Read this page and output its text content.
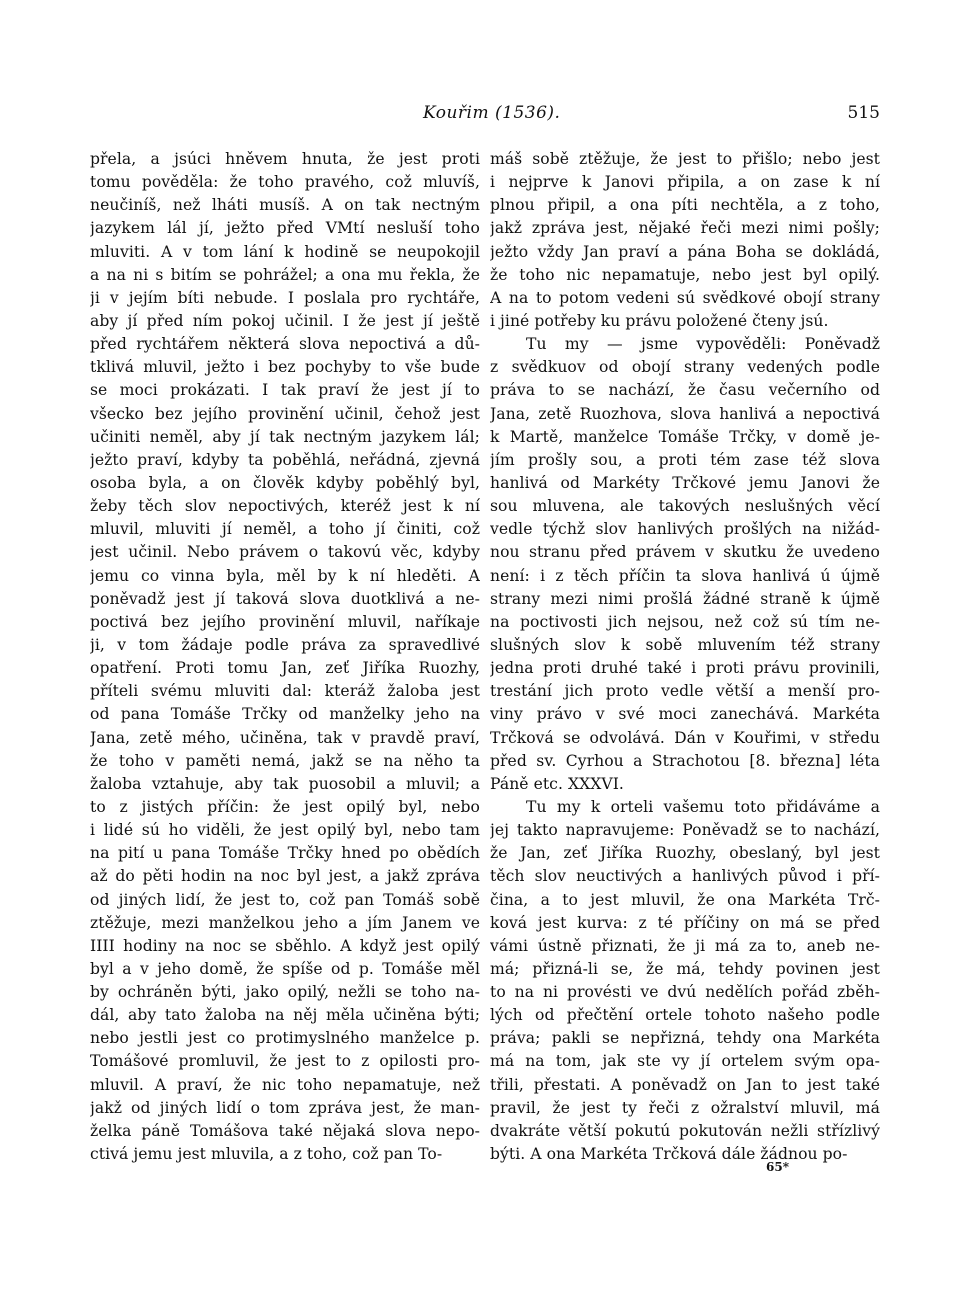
Kouřim (1536).	515
přela, a jsúci hněvem hnuta, že jest proti
tomu pověděla: že toho pravého, což mluvíš,
neučiníš, než lháti musíš. A on tak nectným
jazykem lál jí, ježto před VMtí nesluší toho
mluviti. A v tom lání k hodině se neupokojil
a na ni s bitím se pohrážel; a ona mu řekla, že
ji v jejím bíti nebude. I poslala pro rychtáře,
aby jí před ním pokoj učinil. I že jest jí ještě
před rychtářem některá slova nepoctivá a dů-
tklivá mluvil, ježto i bez pochyby to vše bude
se moci prokázati. I tak praví že jest jí to
všecko bez jejího provinění učinil, čehož jest
učiniti neměl, aby jí tak nectným jazykem lál;
ježto praví, kdyby ta poběhlá, neřádná, zjevná
osoba byla, a on člověk kdyby poběhlý byl,
žeby těch slov nepoctivých, kteréž jest k ní
mluvil, mluviti jí neměl, a toho jí činiti, což
jest učinil. Nebo právem o takovú věc, kdyby
jemu co vinna byla, měl by k ní hleděti. A
poněvadž jest jí taková slova duotklivá a ne-
poctivá bez jejího provinění mluvil, naříkaje
ji, v tom žádaje podle práva za spravedlivé
opatření. Proti tomu Jan, zeť Jiříka Ruozhy,
příteli svému mluviti dal: kteráž žaloba jest
od pana Tomáše Trčky od manželky jeho na
Jana, zetě mého, učiněna, tak v pravdě praví,
že toho v paměti nemá, jakž se na něho ta
žaloba vztahuje, aby tak puosobil a mluvil; a
to z jistých příčin: že jest opilý byl, nebo
i lidé sú ho viděli, že jest opilý byl, nebo tam
na pití u pana Tomáše Trčky hned po obědích
až do pěti hodin na noc byl jest, a jakž zpráva
od jiných lidí, že jest to, což pan Tomáš sobě
ztěžuje, mezi manželkou jeho a jím Janem ve
IIII hodiny na noc se sběhlo. A když jest opilý
byl a v jeho domě, že spíše od p. Tomáše měl
by ochráněn býti, jako opilý, nežli se toho na-
dál, aby tato žaloba na něj měla učiněna býti;
nebo jestli jest co protimyslného manželce p.
Tomášové promluvil, že jest to z opilosti pro-
mluvil. A praví, že nic toho nepamatuje, než
jakž od jiných lidí o tom zpráva jest, že man-
želka páně Tomášova také nějaká slova nepo-
ctivá jemu jest mluvila, a z toho, což pan To-
máš sobě ztěžuje, že jest to přišlo; nebo jest
i nejprve k Janovi připila, a on zase k ní
plnou připil, a ona píti nechtěla, a z toho,
jakž zpráva jest, nějaké řeči mezi nimi pošly;
ježto vždy Jan praví a pána Boha se dokládá,
že toho nic nepamatuje, nebo jest byl opilý.
A na to potom vedeni sú svědkové obojí strany
i jiné potřeby ku právu položené čteny jsú.
Tu my — jsme vypověděli: Poněvadž
z svědkuov od obojí strany vedených podle
práva to se nachází, že času večerního od
Jana, zetě Ruozhova, slova hanlivá a nepoctivá
k Martě, manželce Tomáše Trčky, v domě je-
jím prošly sou, a proti tém zase též slova
hanlivá od Markéty Trčkové jemu Janovi že
sou mluvena, ale takových neslušných věcí
vedle týchž slov hanlivých prošlých na nižád-
nou stranu před právem v skutku že uvedeno
není: i z těch příčin ta slova hanlivá ú újmě
strany mezi nimi prošlá žádné straně k újmě
na poctivosti jich nejsou, než což sú tím ne-
slušných slov k sobě mluvením též strany
jedna proti druhé také i proti právu provinili,
trestání jich proto vedle větší a menší pro-
viny právo v své moci zanechává. Markéta
Trčková se odvolává. Dán v Kouřimi, v středu
před sv. Cyrhou a Strachotou [8. března] léta
Páně etc. XXXVI.
Tu my k orteli vašemu toto přidáváme a
jej takto napravujeme: Poněvadž se to nachází,
že Jan, zeť Jiříka Ruozhy, obeslaný, byl jest
těch slov neuctivých a hanlivých původ i pří-
čina, a to jest mluvil, že ona Markéta Trč-
ková jest kurva: z té příčiny on má se před
vámi ústně přiznati, že ji má za to, aneb ne-
má; přizná-li se, že má, tehdy povinen jest
to na ni provésti ve dvú nedělích pořád zběh-
lých od přečtění ortele tohoto našeho podle
práva; pakli se nepřizná, tehdy ona Markéta
má na tom, jak ste vy jí ortelem svým opa-
třili, přestati. A poněvadž on Jan to jest také
pravil, že jest ty řeči z ožralství mluvil, má
dvakráte větší pokutú pokutován nežli střízlivý
býti. A ona Markéta Trčková dále žádnou po-
65*
